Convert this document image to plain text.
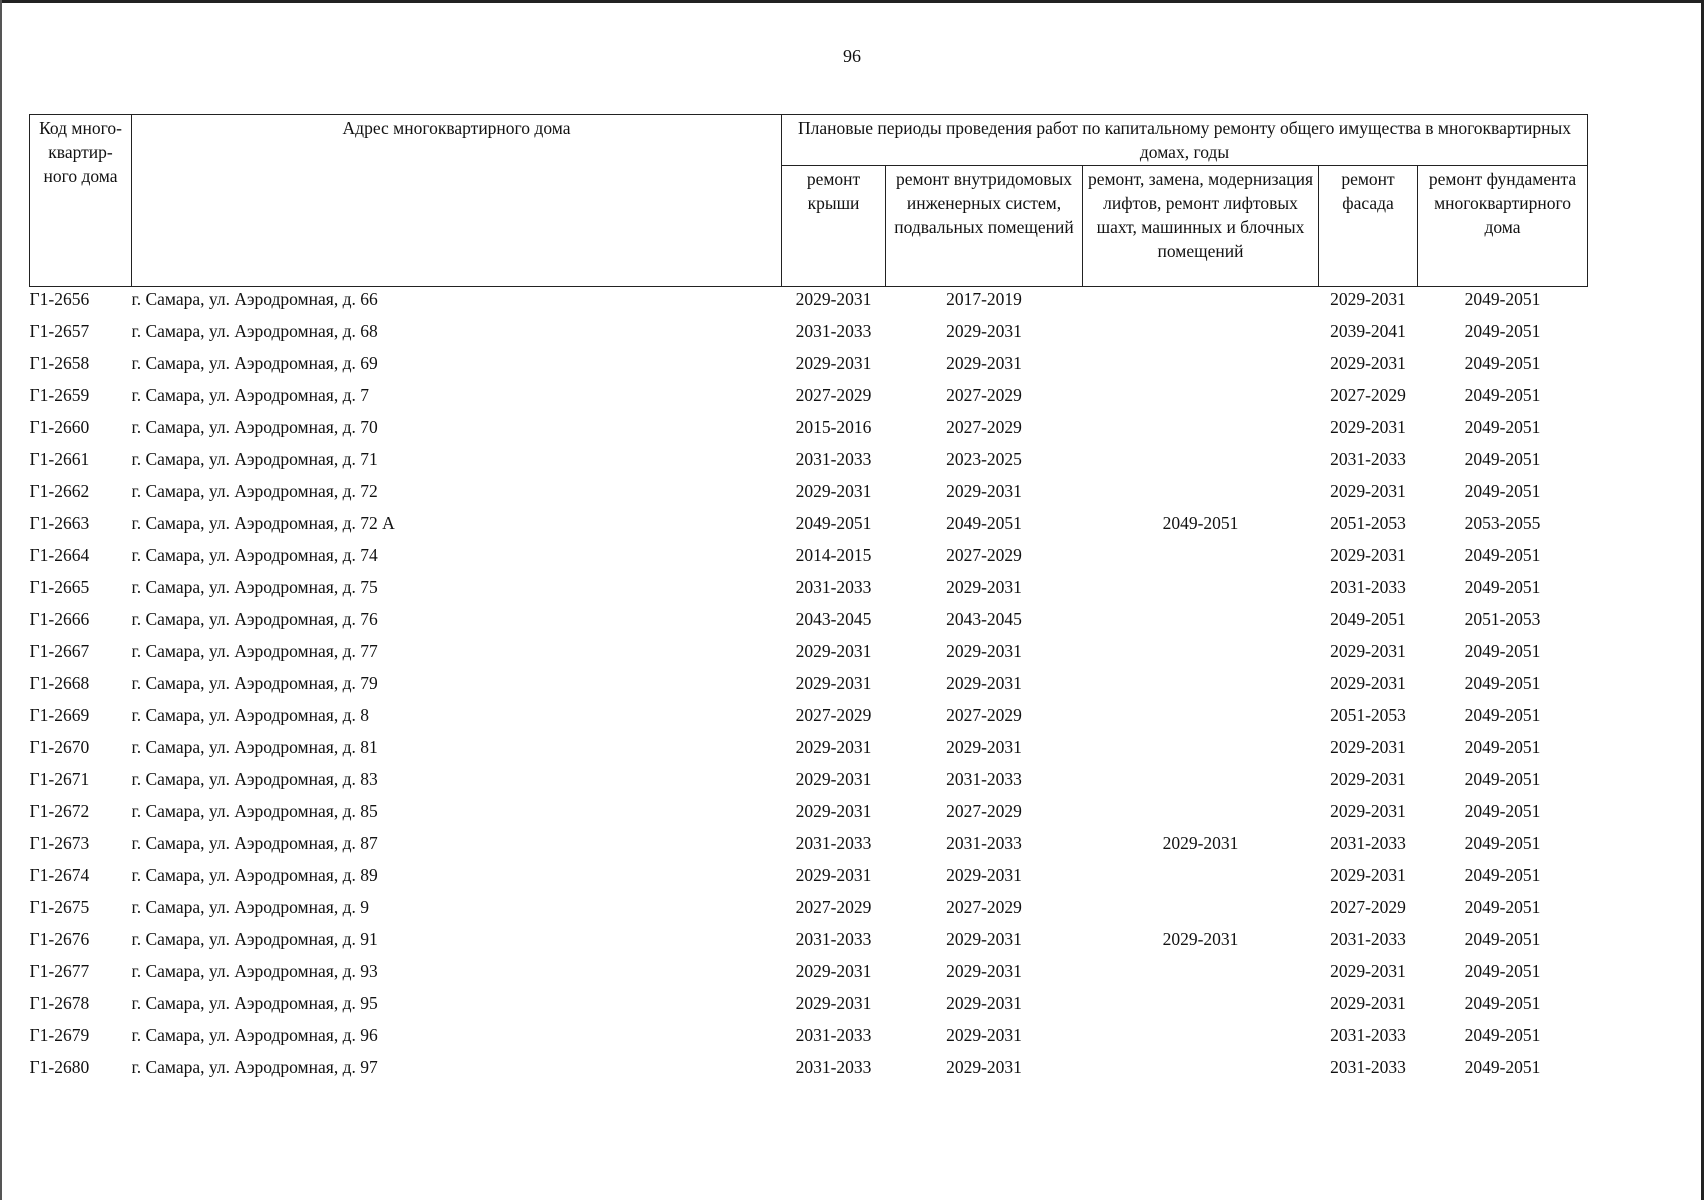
96
Код много-квартир-ного дома	Адрес многоквартирного дома	Плановые периоды проведения работ по капитальному ремонту общего имущества в многоквартирных домах, годы				
		ремонт крыши	ремонт внутридомовых инженерных систем, подвальных помещений	ремонт, замена, модернизация лифтов, ремонт лифтовых шахт, машинных и блочных помещений	ремонт фасада	ремонт фундамента многоквартирного дома
Г1-2656	г. Самара, ул. Аэродромная, д. 66	2029-2031	2017-2019		2029-2031	2049-2051
Г1-2657	г. Самара, ул. Аэродромная, д. 68	2031-2033	2029-2031		2039-2041	2049-2051
Г1-2658	г. Самара, ул. Аэродромная, д. 69	2029-2031	2029-2031		2029-2031	2049-2051
Г1-2659	г. Самара, ул. Аэродромная, д. 7	2027-2029	2027-2029		2027-2029	2049-2051
Г1-2660	г. Самара, ул. Аэродромная, д. 70	2015-2016	2027-2029		2029-2031	2049-2051
Г1-2661	г. Самара, ул. Аэродромная, д. 71	2031-2033	2023-2025		2031-2033	2049-2051
Г1-2662	г. Самара, ул. Аэродромная, д. 72	2029-2031	2029-2031		2029-2031	2049-2051
Г1-2663	г. Самара, ул. Аэродромная, д. 72 А	2049-2051	2049-2051	2049-2051	2051-2053	2053-2055
Г1-2664	г. Самара, ул. Аэродромная, д. 74	2014-2015	2027-2029		2029-2031	2049-2051
Г1-2665	г. Самара, ул. Аэродромная, д. 75	2031-2033	2029-2031		2031-2033	2049-2051
Г1-2666	г. Самара, ул. Аэродромная, д. 76	2043-2045	2043-2045		2049-2051	2051-2053
Г1-2667	г. Самара, ул. Аэродромная, д. 77	2029-2031	2029-2031		2029-2031	2049-2051
Г1-2668	г. Самара, ул. Аэродромная, д. 79	2029-2031	2029-2031		2029-2031	2049-2051
Г1-2669	г. Самара, ул. Аэродромная, д. 8	2027-2029	2027-2029		2051-2053	2049-2051
Г1-2670	г. Самара, ул. Аэродромная, д. 81	2029-2031	2029-2031		2029-2031	2049-2051
Г1-2671	г. Самара, ул. Аэродромная, д. 83	2029-2031	2031-2033		2029-2031	2049-2051
Г1-2672	г. Самара, ул. Аэродромная, д. 85	2029-2031	2027-2029		2029-2031	2049-2051
Г1-2673	г. Самара, ул. Аэродромная, д. 87	2031-2033	2031-2033	2029-2031	2031-2033	2049-2051
Г1-2674	г. Самара, ул. Аэродромная, д. 89	2029-2031	2029-2031		2029-2031	2049-2051
Г1-2675	г. Самара, ул. Аэродромная, д. 9	2027-2029	2027-2029		2027-2029	2049-2051
Г1-2676	г. Самара, ул. Аэродромная, д. 91	2031-2033	2029-2031	2029-2031	2031-2033	2049-2051
Г1-2677	г. Самара, ул. Аэродромная, д. 93	2029-2031	2029-2031		2029-2031	2049-2051
Г1-2678	г. Самара, ул. Аэродромная, д. 95	2029-2031	2029-2031		2029-2031	2049-2051
Г1-2679	г. Самара, ул. Аэродромная, д. 96	2031-2033	2029-2031		2031-2033	2049-2051
Г1-2680	г. Самара, ул. Аэродромная, д. 97	2031-2033	2029-2031		2031-2033	2049-2051
